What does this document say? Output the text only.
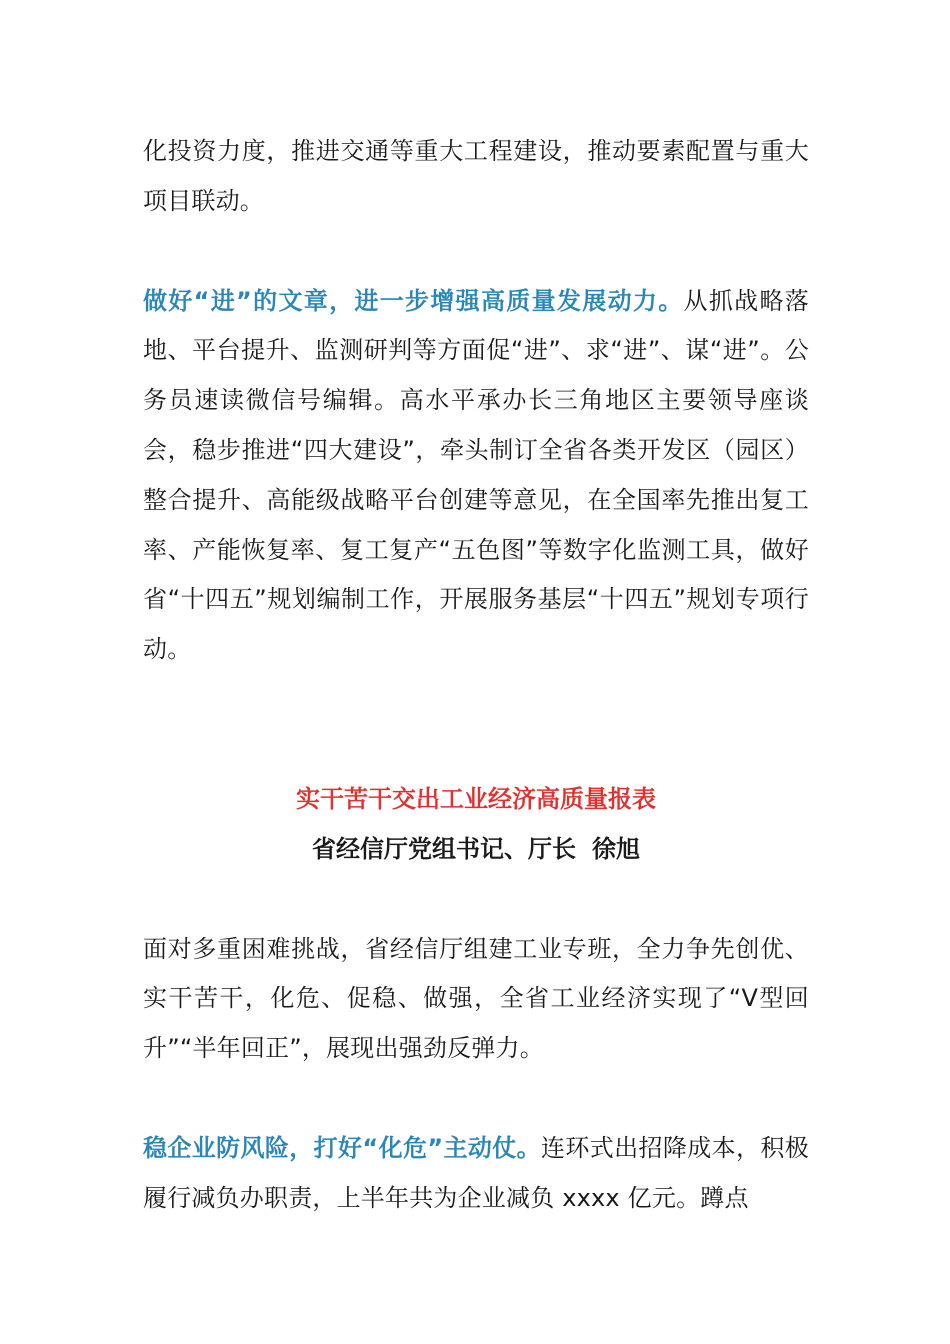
化投资力度，推进交通等重大工程建设，推动要素配置与重大项目联动。

做好“进”的文章，进一步增强高质量发展动力。从抓战略落地、平台提升、监测研判等方面促“进”、求“进”、谋“进”。公务员速读微信号编辑。高水平承办长三角地区主要领导座谈会，稳步推进“四大建设”，牵头制订全省各类开发区（园区）整合提升、高能级战略平台创建等意见，在全国率先推出复工率、产能恢复率、复工复产“五色图”等数字化监测工具，做好省“十四五”规划编制工作，开展服务基层“十四五”规划专项行动。

实干苦干交出工业经济高质量报表

省经信厅党组书记、厅长 徐旭

面对多重困难挑战，省经信厅组建工业专班，全力争先创优、实干苦干，化危、促稳、做强，全省工业经济实现了“V型回升”“半年回正”，展现出强劲反弹力。

稳企业防风险，打好“化危”主动仗。连环式出招降成本，积极履行减负办职责，上半年共为企业减负 xxxx 亿元。蹲点
